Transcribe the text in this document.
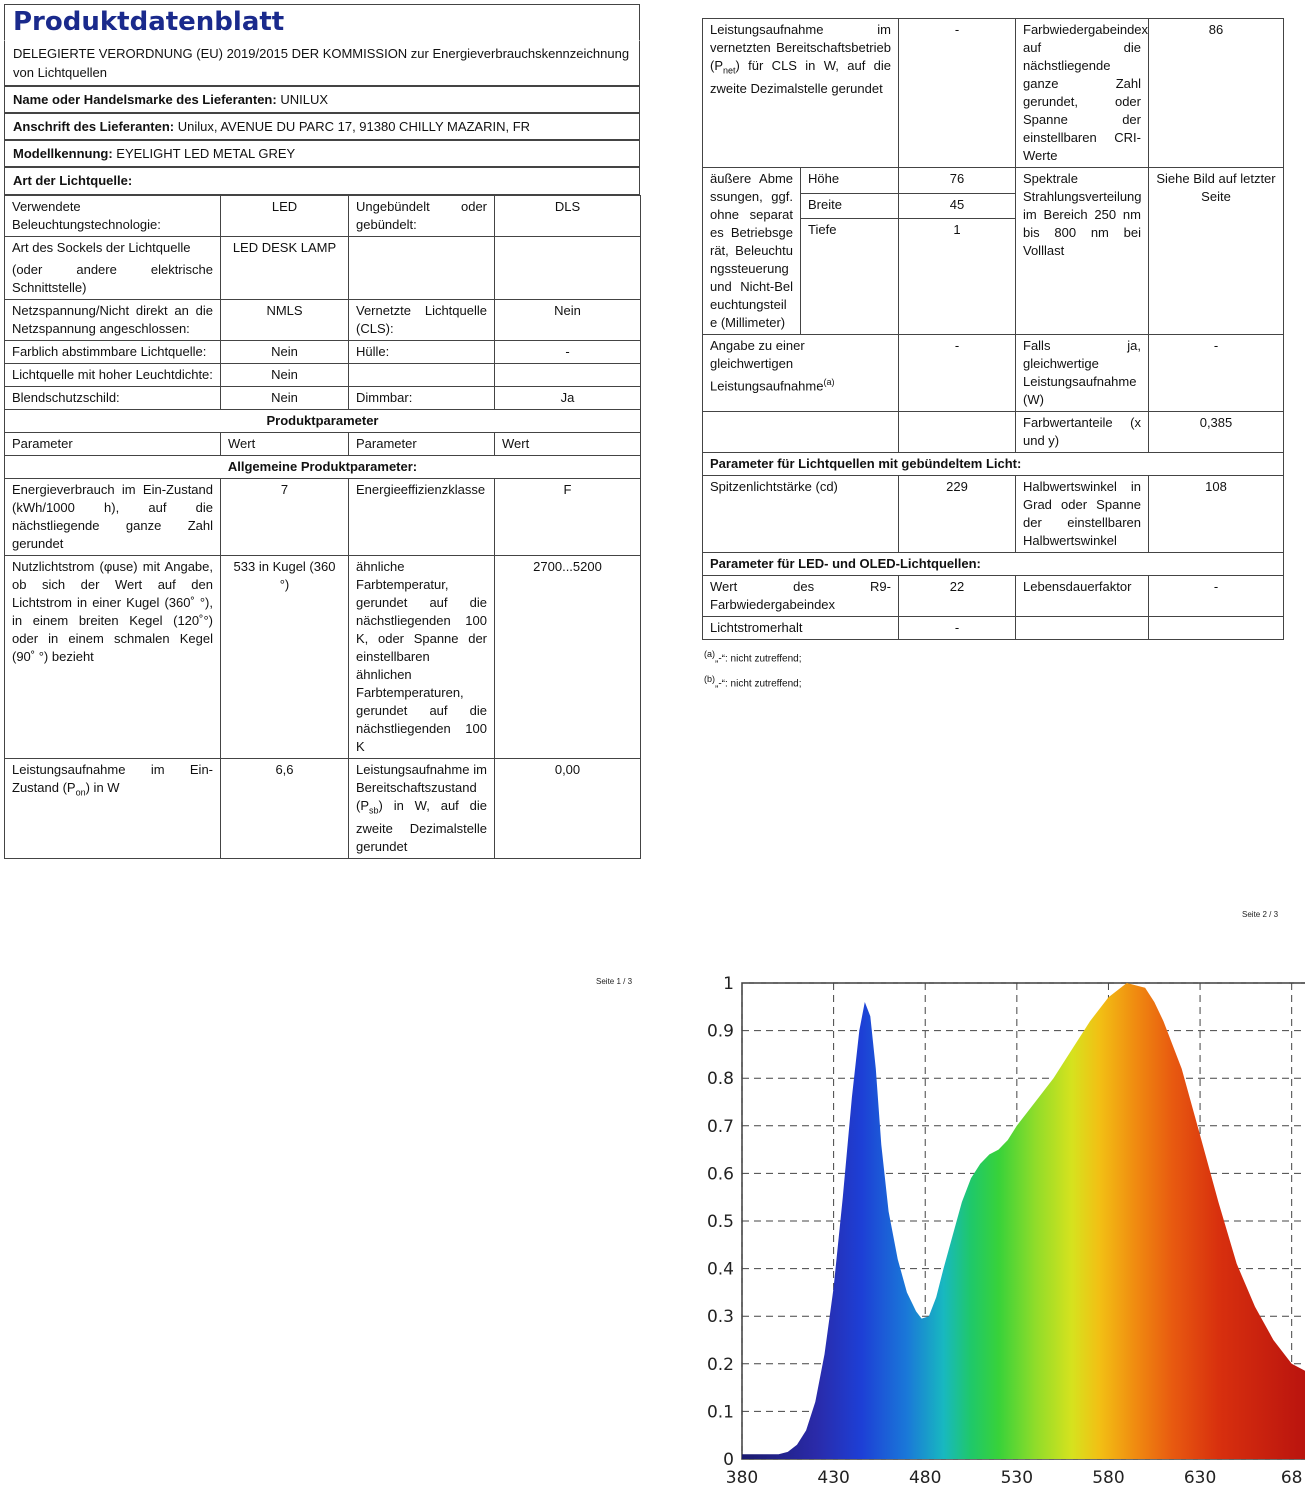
Produktdatenblatt
DELEGIERTE VERORDNUNG (EU) 2019/2015 DER KOMMISSION zur Energieverbrauchskennzeichnung von Lichtquellen
Name oder Handelsmarke des Lieferanten: UNILUX
Anschrift des Lieferanten: Unilux, AVENUE DU PARC 17, 91380 CHILLY MAZARIN, FR
Modellkennung: EYELIGHT LED METAL GREY
Art der Lichtquelle:
Verwendete Beleuchtungstechnologie:	LED	Ungebündelt oder gebündelt:	DLS

Art des Sockels der Lichtquelle
(oder andere elektrische Schnittstelle)	LED DESK LAMP		
Netzspannung/Nicht direkt an die Netzspannung angeschlossen:	NMLS	Vernetzte Lichtquelle (CLS):	Nein
Farblich abstimmbare Lichtquelle:	Nein	Hülle:	-
Lichtquelle mit hoher Leuchtdichte:	Nein		
Blendschutzschild:	Nein	Dimmbar:	Ja
Produktparameter			
Parameter	Wert	Parameter	Wert
Allgemeine Produktparameter:			
Energieverbrauch im Ein-Zustand (kWh/1000 h), auf die nächstliegende ganze Zahl gerundet	7	Energieeffizienzklasse	F
Nutzlichtstrom (φuse) mit Angabe, ob sich der Wert auf den Lichtstrom in einer Kugel (360˚ °), in einem breiten Kegel (120˚°) oder in einem schmalen Kegel (90˚ °) bezieht	533 in Kugel (360 °)	ähnliche Farbtemperatur, gerundet auf die nächstliegenden 100 K, oder Spanne der einstellbaren ähnlichen Farbtemperaturen, gerundet auf die nächstliegenden 100 K	2700...5200
Leistungsaufnahme im Ein-Zustand $(P_{on})$ in W	6,6	Leistungsaufnahme im Bereitschaftszustand $(P_{sb})$ in W, auf die zweite Dezimalstelle gerundet	0,00
Seite 1 / 3
Leistungsaufnahme im vernetzten Bereitschaftsbetrieb $(P_{net})$ für CLS in W, auf die zweite Dezimalstelle gerundet		-	Farbwiedergabeindex auf die nächstliegende ganze Zahl gerundet, oder Spanne der einstellbaren CRI-Werte	86
äußere Abmessungen, ggf. ohne separates Betriebsgerät, Beleuchtungssteuerung und Nicht-Beleuchtungsteile (Millimeter)	Höhe	76	Spektrale Strahlungsverteilung im Bereich 250 nm bis 800 nm bei Volllast	Siehe Bild auf letzter Seite
	Breite	45		
	Tiefe	1		
Angabe zu einer gleichwertigen Leistungsaufnahme$^{(a)}$		-	Falls ja, gleichwertige Leistungsaufnahme (W)	-
			Farbwertanteile (x und y)	0,385
Parameter für Lichtquellen mit gebündeltem Licht:				
Spitzenlichtstärke (cd)		229	Halbwertswinkel in Grad oder Spanne der einstellbaren Halbwertswinkel	108
Parameter für LED- und OLED-Lichtquellen:				
Wert des R9-Farbwiedergabeindex		22	Lebensdauerfaktor	-
Lichtstromerhalt		-		
$^{(a)}$„-“: nicht zutreffend;
$^{(b)}$„-“: nicht zutreffend;
Seite 2 / 3
0
0.1
0.2
0.3
0.4
0.5
0.6
0.7
0.8
0.9
1
380	430	480	530	580	630	68
